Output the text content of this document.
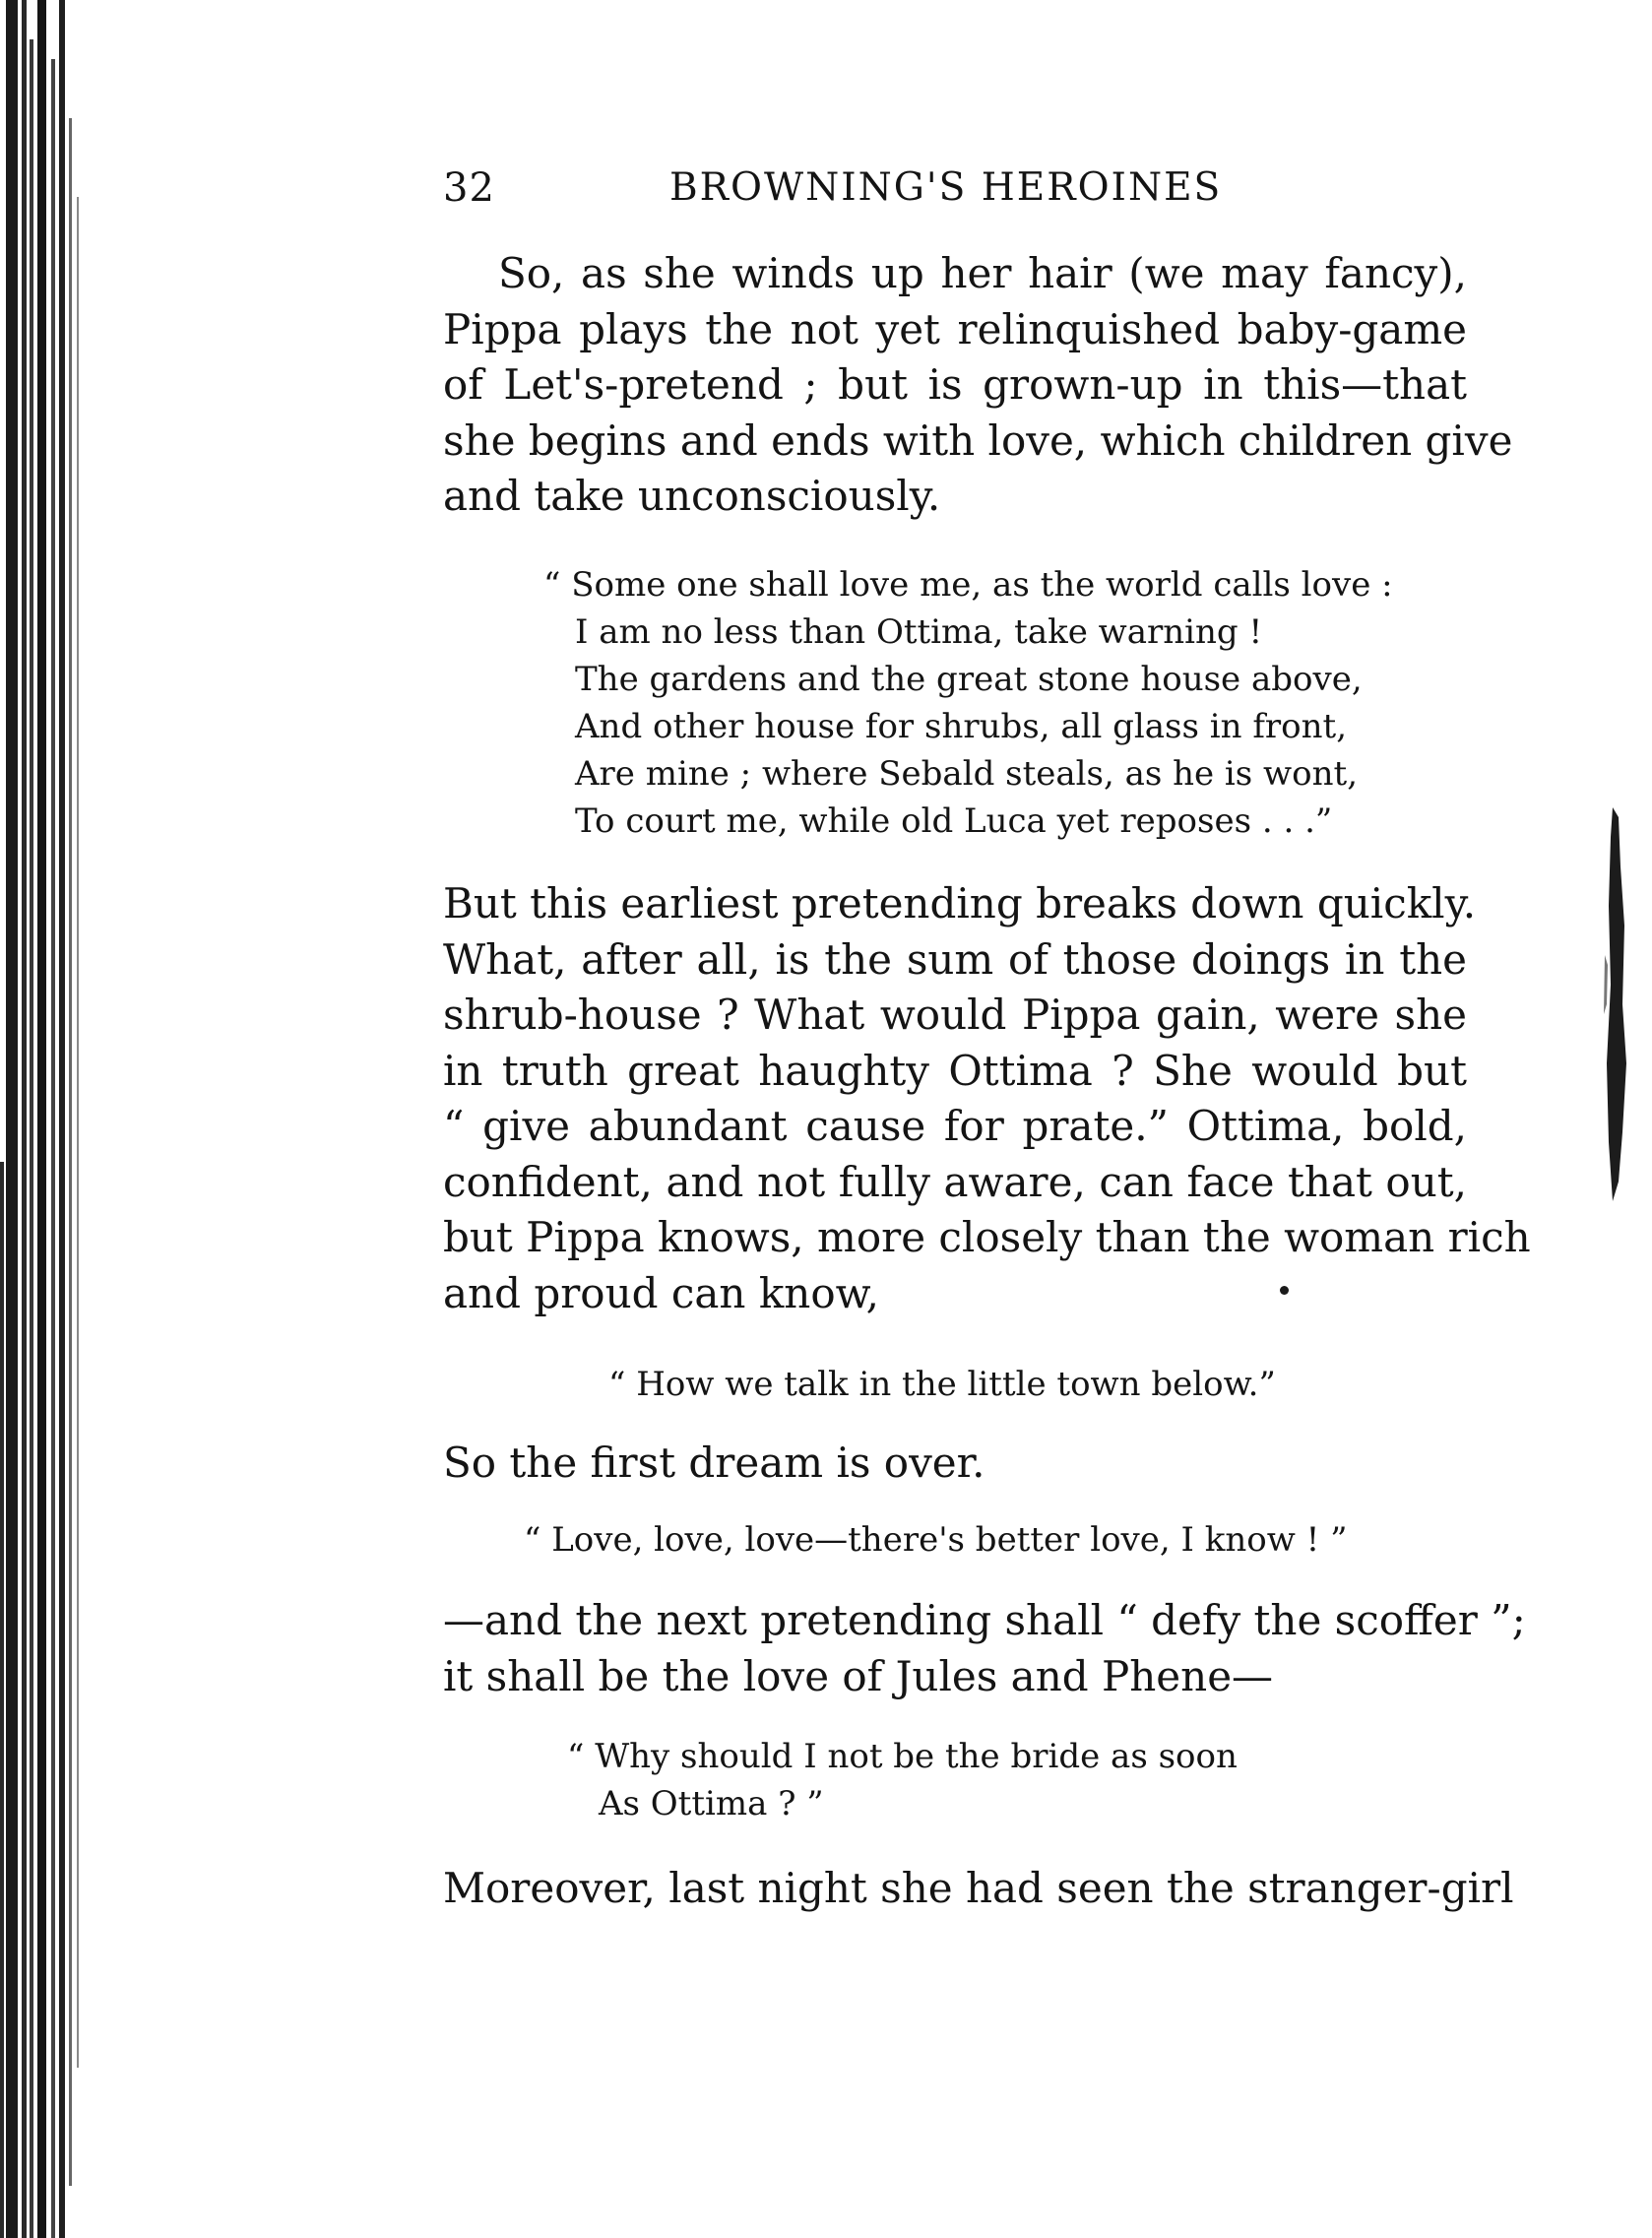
32	BROWNING'S HEROINES

So, as she winds up her hair (we may fancy),
Pippa plays the not yet relinquished baby-game
of Let's-pretend ; but is grown-up in this—that
she begins and ends with love, which children give
and take unconsciously.

“ Some one shall love me, as the world calls love :
I am no less than Ottima, take warning !
The gardens and the great stone house above,
And other house for shrubs, all glass in front,
Are mine ; where Sebald steals, as he is wont,
To court me, while old Luca yet reposes . . .”

But this earliest pretending breaks down quickly.
What, after all, is the sum of those doings in the
shrub-house ? What would Pippa gain, were she
in truth great haughty Ottima ? She would but
“ give abundant cause for prate.” Ottima, bold,
confident, and not fully aware, can face that out,
but Pippa knows, more closely than the woman rich
and proud can know,

“ How we talk in the little town below.”

So the first dream is over.

“ Love, love, love—there's better love, I know ! ”

—and the next pretending shall “ defy the scoffer ”;
it shall be the love of Jules and Phene—

“ Why should I not be the bride as soon
As Ottima ? ”

Moreover, last night she had seen the stranger-girl
